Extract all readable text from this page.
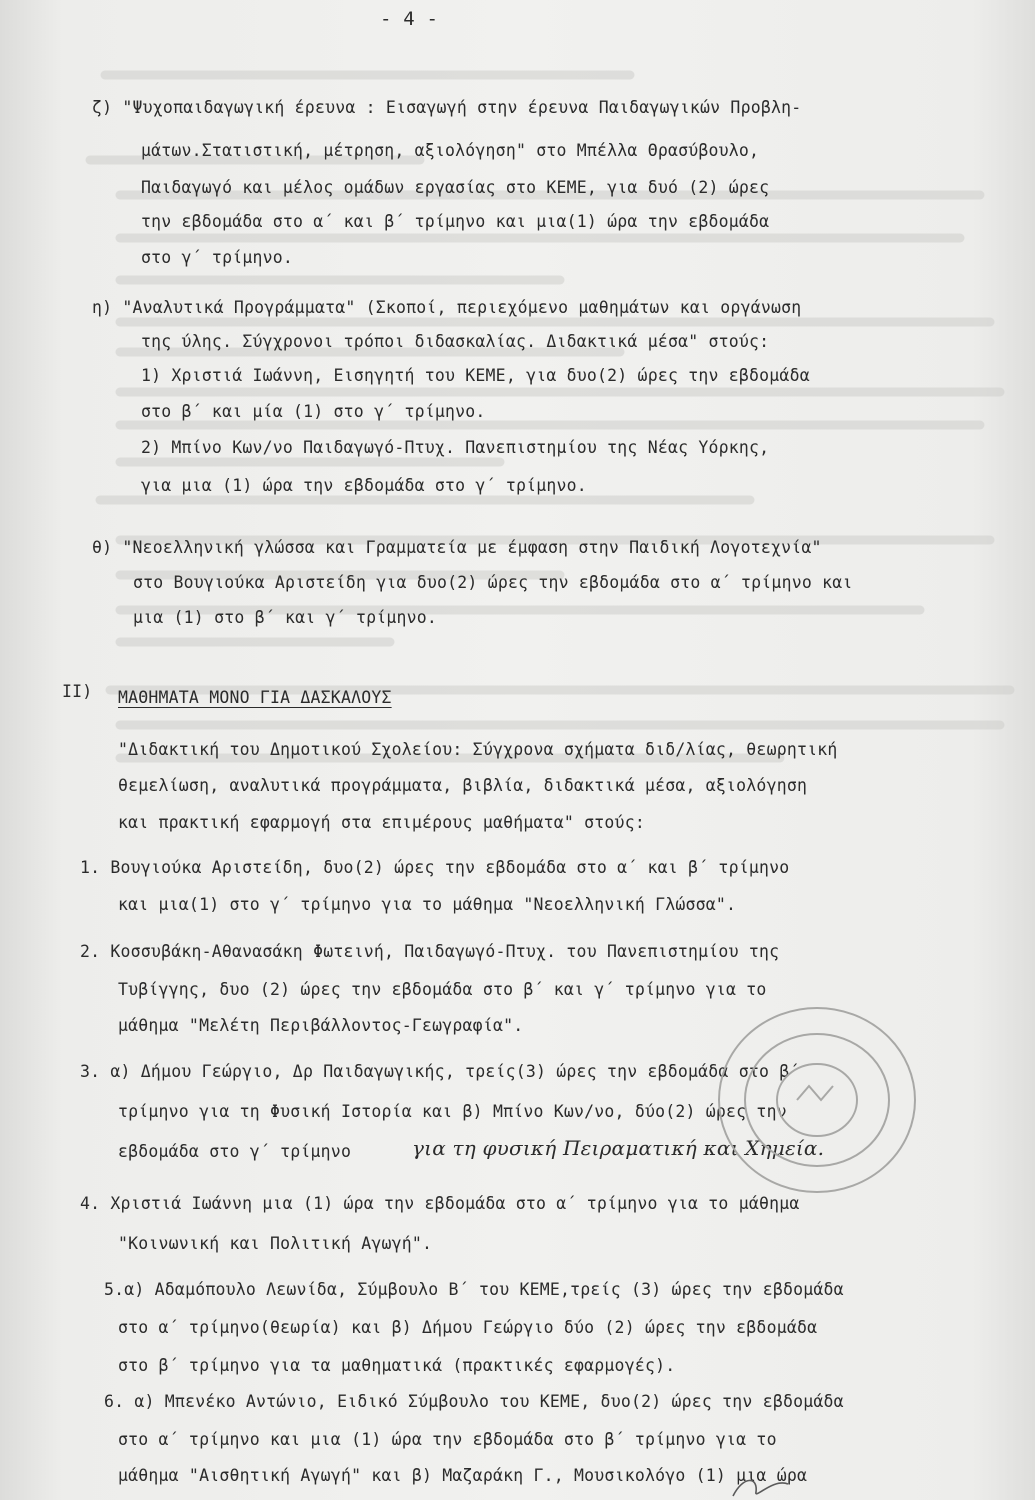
- 4 -
ζ) "Ψυχοπαιδαγωγική έρευνα : Εισαγωγή στην έρευνα Παιδαγωγικών Προβλη-
μάτων.Στατιστική, μέτρηση, αξιολόγηση" στο Μπέλλα Θρασύβουλο,
Παιδαγωγό και μέλος ομάδων εργασίας στο ΚΕΜΕ, για δυό (2) ώρες
την εβδομάδα στο α΄ και β΄ τρίμηνο και μια(1) ώρα την εβδομάδα
στο γ΄ τρίμηνο.
η) "Αναλυτικά Προγράμματα" (Σκοποί, περιεχόμενο μαθημάτων και οργάνωση
της ύλης. Σύγχρονοι τρόποι διδασκαλίας. Διδακτικά μέσα" στούς:
1) Χριστιά Ιωάννη, Εισηγητή του ΚΕΜΕ, για δυο(2) ώρες την εβδομάδα
στο β΄ και μία (1) στο γ΄ τρίμηνο.
2) Μπίνο Κων/νο Παιδαγωγό-Πτυχ. Πανεπιστημίου της Νέας Υόρκης,
για μια (1) ώρα την εβδομάδα στο γ΄ τρίμηνο.
θ) "Νεοελληνική γλώσσα και Γραμματεία με έμφαση στην Παιδική Λογοτεχνία"
στο Βουγιούκα Αριστείδη για δυο(2) ώρες την εβδομάδα στο α΄ τρίμηνο και
μια (1) στο β΄ και γ΄ τρίμηνο.
II) ΜΑΘΗΜΑΤΑ ΜΟΝΟ ΓΙΑ ΔΑΣΚΑΛΟΥΣ
"Διδακτική του Δημοτικού Σχολείου: Σύγχρονα σχήματα διδ/λίας, θεωρητική
θεμελίωση, αναλυτικά προγράμματα, βιβλία, διδακτικά μέσα, αξιολόγηση
και πρακτική εφαρμογή στα επιμέρους μαθήματα" στούς:
1. Βουγιούκα Αριστείδη, δυο(2) ώρες την εβδομάδα στο α΄ και β΄ τρίμηνο
και μια(1) στο γ΄ τρίμηνο για το μάθημα "Νεοελληνική Γλώσσα".
2. Κοσσυβάκη-Αθανασάκη Φωτεινή, Παιδαγωγό-Πτυχ. του Πανεπιστημίου της
Τυβίγγης, δυο (2) ώρες την εβδομάδα στο β΄ και γ΄ τρίμηνο για το
μάθημα "Μελέτη Περιβάλλοντος-Γεωγραφία".
3. α) Δήμου Γεώργιο, Δρ Παιδαγωγικής, τρείς(3) ώρες την εβδομάδα στο β΄
τρίμηνο για τη Φυσική Ιστορία και β) Μπίνο Κων/νο, δύο(2) ώρες την
εβδομάδα στο γ΄ τρίμηνο	για τη φυσική Πειραματική και Χημεία.
4. Χριστιά Ιωάννη μια (1) ώρα την εβδομάδα στο α΄ τρίμηνο για το μάθημα
"Κοινωνική και Πολιτική Αγωγή".
5.α) Αδαμόπουλο Λεωνίδα, Σύμβουλο Β΄ του ΚΕΜΕ,τρείς (3) ώρες την εβδομάδα
στο α΄ τρίμηνο(θεωρία) και β) Δήμου Γεώργιο δύο (2) ώρες την εβδομάδα
στο β΄ τρίμηνο για τα μαθηματικά (πρακτικές εφαρμογές).
6. α) Μπενέκο Αντώνιο, Ειδικό Σύμβουλο του ΚΕΜΕ, δυο(2) ώρες την εβδομάδα
στο α΄ τρίμηνο και μια (1) ώρα την εβδομάδα στο β΄ τρίμηνο για το
μάθημα "Αισθητική Αγωγή" και β) Μαζαράκη Γ., Μουσικολόγο (1) μια ώρα
